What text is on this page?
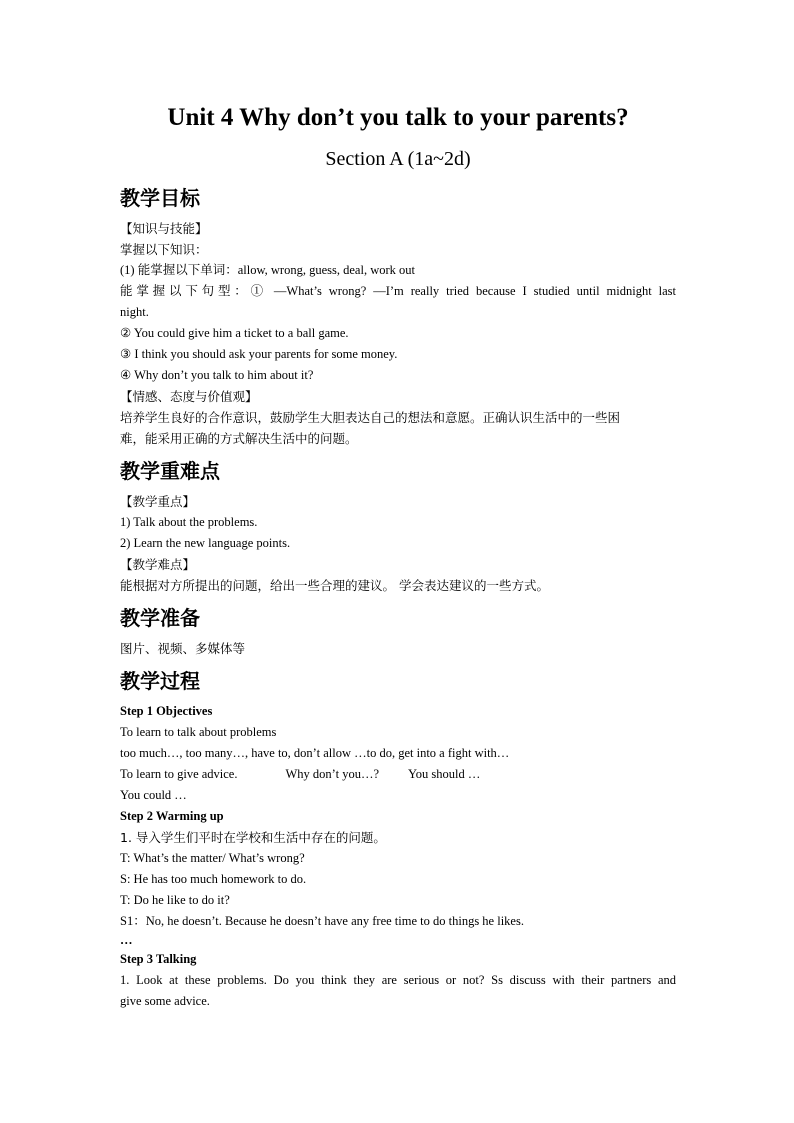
Unit 4 Why don’t you talk to your parents?
Section A (1a~2d)
教学目标
【知识与技能】
掌握以下知识：
(1) 能掌握以下单词：allow, wrong, guess, deal, work out
能掌握以下句型：① —What’s wrong? —I’m really tried because I studied until midnight last
night.
② You could give him a ticket to a ball game.
③ I think you should ask your parents for some money.
④ Why don’t you talk to him about it?
【情感、态度与价值观】
培养学生良好的合作意识，鼓励学生大胆表达自己的想法和意愿。正确认识生活中的一些困
难，能采用正确的方式解决生活中的问题。
教学重难点
【教学重点】
1) Talk about the problems.
2) Learn the new language points.
【教学难点】
能根据对方所提出的问题，给出一些合理的建议。 学会表达建议的一些方式。
教学准备
图片、视频、多媒体等
教学过程
Step 1 Objectives
To learn to talk about problems
too much…, too many…, have to, don’t allow …to do, get into a fight with…
To learn to give advice.	Why don’t you…? You should …
You could …
Step 2 Warming up
1. 导入学生们平时在学校和生活中存在的问题。
T: What’s the matter/ What’s wrong?
S: He has too much homework to do.
T: Do he like to do it?
S1：No, he doesn’t. Because he doesn’t have any free time to do things he likes.
…
Step 3 Talking
1. Look at these problems. Do you think they are serious or not? Ss discuss with their partners and
give some advice.
